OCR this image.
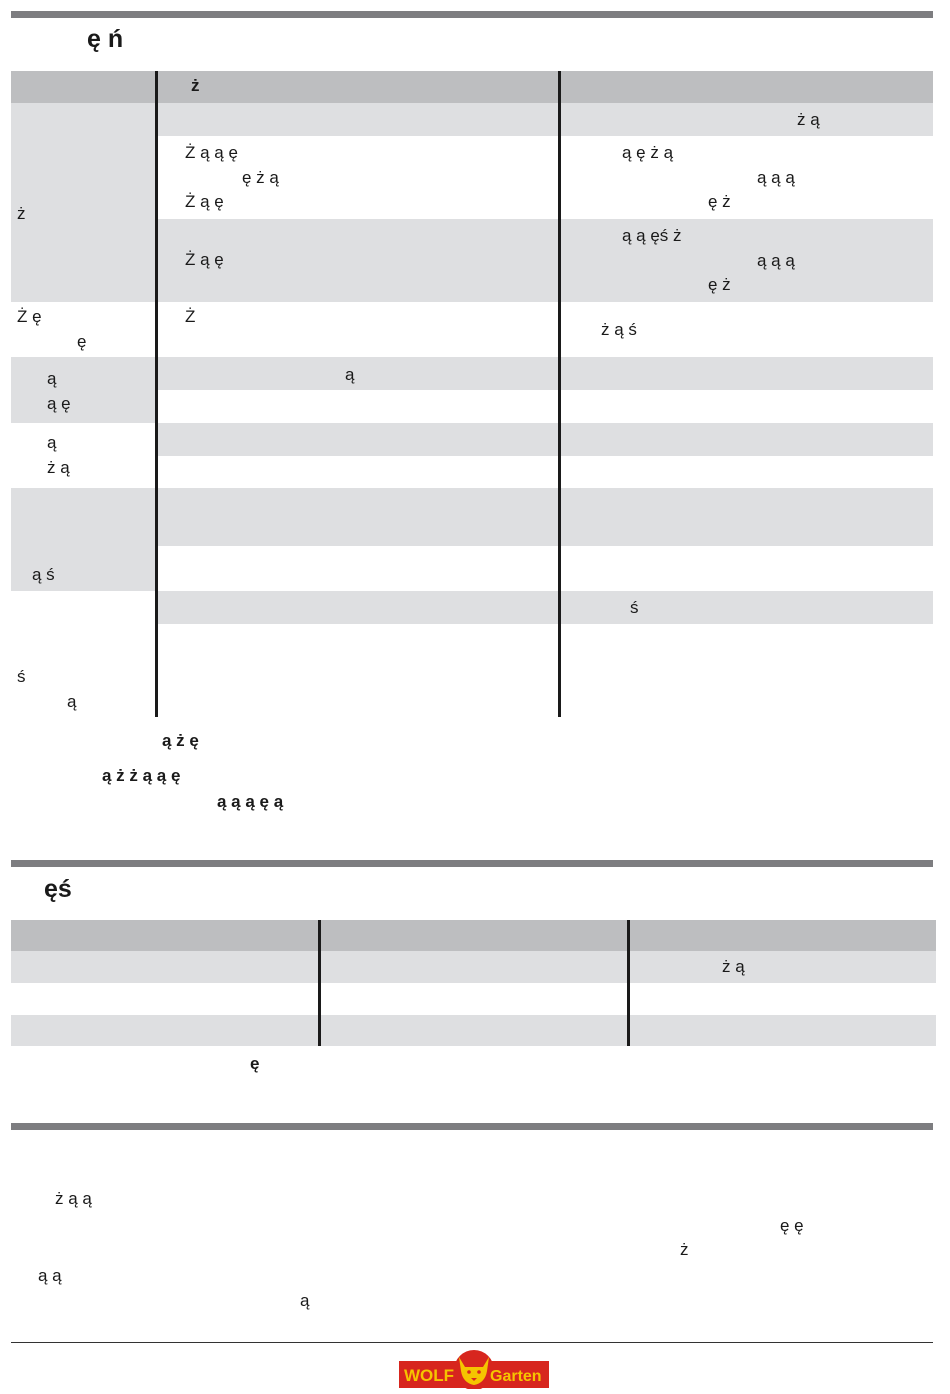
ę ń
ż
ż
Ż ę
ę
ą
ą ę
ą
ż ą
ą ś
ś
ą
Ż ą ą ę
ę ż ą
Ż ą ę
Ż ą ę
Ż
ą
ż ą
ą ę ż ą
ą ą ą
ę ż
ą ą ęś ż
ą ą ą
ę ż
ż ą ś
ś
ą ż ę
ą ż ż ą ą ę
ą ą ą ę ą
ęś
ż ą
ę
ż ą ą
ę ę
ż
ą ą
ą
WOLF Garten
